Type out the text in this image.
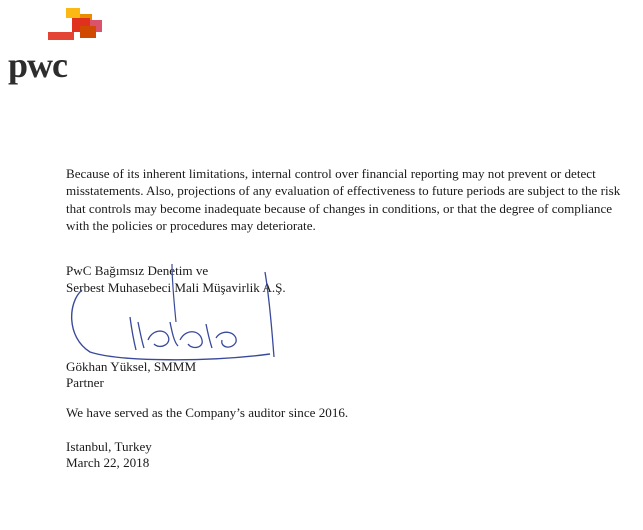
pwc

Because of its inherent limitations, internal control over financial reporting may not prevent or detect misstatements. Also, projections of any evaluation of effectiveness to future periods are subject to the risk that controls may become inadequate because of changes in conditions, or that the degree of compliance with the policies or procedures may deteriorate.

PwC Bağımsız Denetim ve
Serbest Muhasebeci Mali Müşavirlik A.Ş.
Gökhan Yüksel, SMMM
Partner
We have served as the Company’s auditor since 2016.
Istanbul, Turkey
March 22, 2018
